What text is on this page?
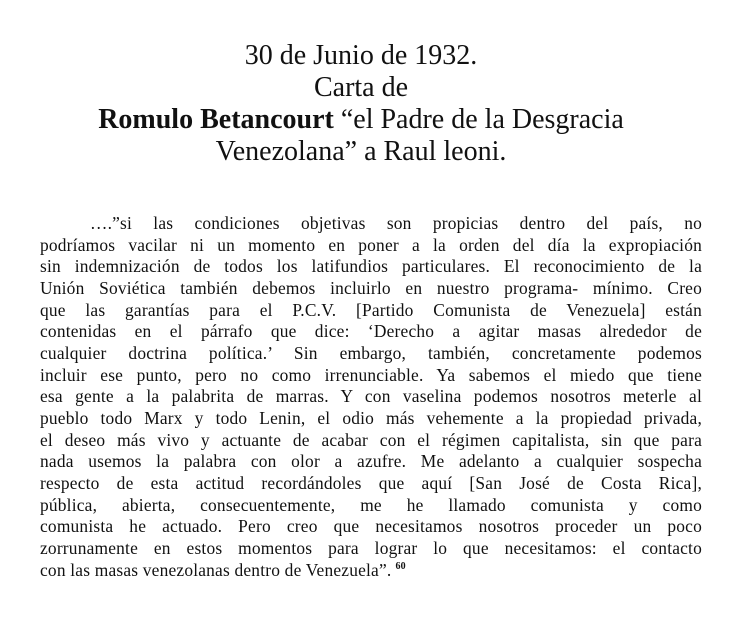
30 de Junio de 1932.
Carta de
Romulo Betancourt “el Padre de la Desgracia
Venezolana” a Raul leoni.
….”si las condiciones objetivas son propicias dentro del país, no
podríamos vacilar ni un momento en poner a la orden del día la expropiación
sin indemnización de todos los latifundios particulares. El reconocimiento de la
Unión Soviética también debemos incluirlo en nuestro programa- mínimo. Creo
que las garantías para el P.C.V. [Partido Comunista de Venezuela] están
contenidas en el párrafo que dice: ‘Derecho a agitar masas alrededor de
cualquier doctrina política.’ Sin embargo, también, concretamente podemos
incluir ese punto, pero no como irrenunciable. Ya sabemos el miedo que tiene
esa gente a la palabrita de marras. Y con vaselina podemos nosotros meterle al
pueblo todo Marx y todo Lenin, el odio más vehemente a la propiedad privada,
el deseo más vivo y actuante de acabar con el régimen capitalista, sin que para
nada usemos la palabra con olor a azufre. Me adelanto a cualquier sospecha
respecto de esta actitud recordándoles que aquí [San José de Costa Rica],
pública, abierta, consecuentemente, me he llamado comunista y como
comunista he actuado. Pero creo que necesitamos nosotros proceder un poco
zorrunamente en estos momentos para lograr lo que necesitamos: el contacto
con las masas venezolanas dentro de Venezuela”. $^{60}$
